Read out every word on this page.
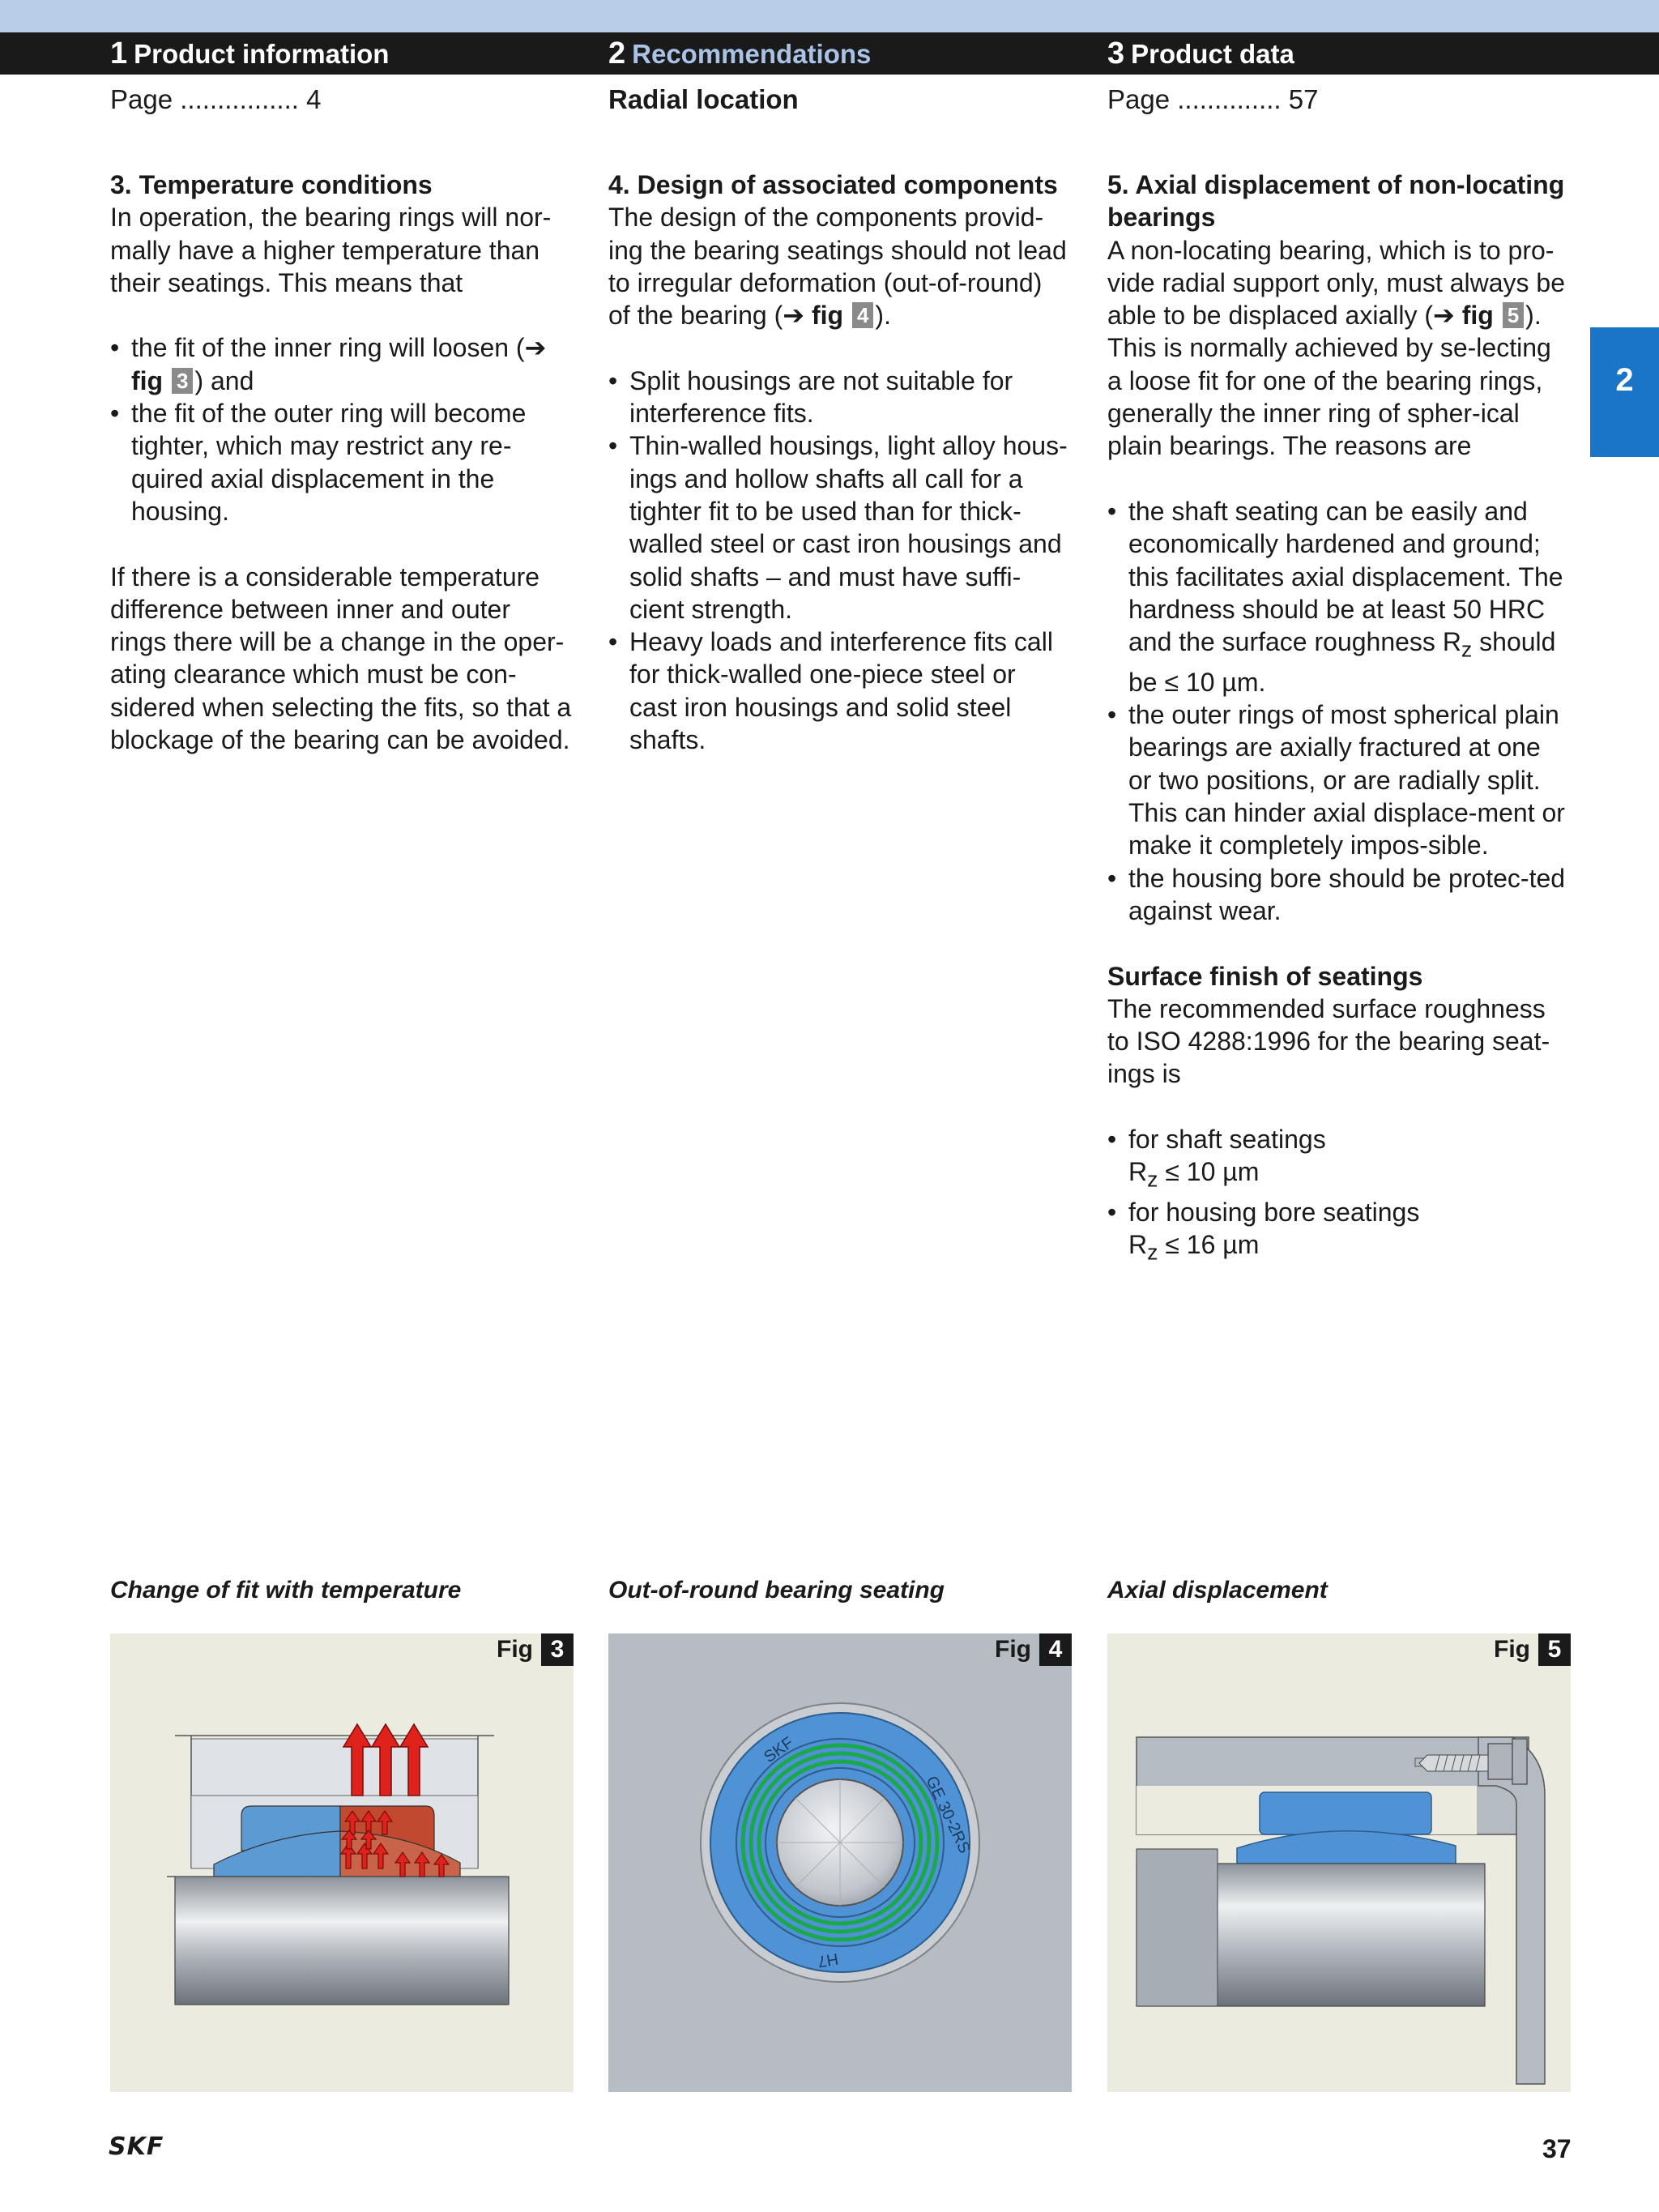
1 Product information	2 Recommendations	3 Product data
Page ................ 4	Radial location	Page .............. 57
2
3. Temperature conditions

In operation, the bearing rings will nor-mally have a higher temperature than their seatings. This means that

• the fit of the inner ring will loosen (➔ fig 3 ) and
• the fit of the outer ring will become tighter, which may restrict any re-quired axial displacement in the housing.

If there is a considerable temperature difference between inner and outer rings there will be a change in the oper-ating clearance which must be con-sidered when selecting the fits, so that a blockage of the bearing can be avoided.

4. Design of associated components

The design of the components provid-ing the bearing seatings should not lead to irregular deformation (out-of-round) of the bearing (➔ fig 4 ).

• Split housings are not suitable for interference fits.
• Thin-walled housings, light alloy hous-ings and hollow shafts all call for a tighter fit to be used than for thick-walled steel or cast iron housings and solid shafts – and must have suffi-cient strength.
• Heavy loads and interference fits call for thick-walled one-piece steel or cast iron housings and solid steel shafts.
5. Axial displacement of non-locating bearings

A non-locating bearing, which is to pro-vide radial support only, must always be able to be displaced axially (➔ fig 5 ). This is normally achieved by se-lecting a loose fit for one of the bearing rings, generally the inner ring of spher-ical plain bearings. The reasons are

• the shaft seating can be easily and economically hardened and ground; this facilitates axial displacement. The hardness should be at least 50 HRC and the surface roughness $R_z$ should be ≤ 10 µm.
• the outer rings of most spherical plain bearings are axially fractured at one or two positions, or are radially split. This can hinder axial displace-ment or make it completely impos-sible.
• the housing bore should be protec-ted against wear.
Surface finish of seatings

The recommended surface roughness to ISO 4288:1996 for the bearing seat-ings is

• for shaft seatings
$R_z \le 10$ µm
• for housing bore seatings
$R_z \le 16$ µm
Change of fit with temperature	Out-of-round bearing seating	Axial displacement
Fig 3
SKF
GE 30-2RS
H7
Fig 4	Fig 5
SKF	37
